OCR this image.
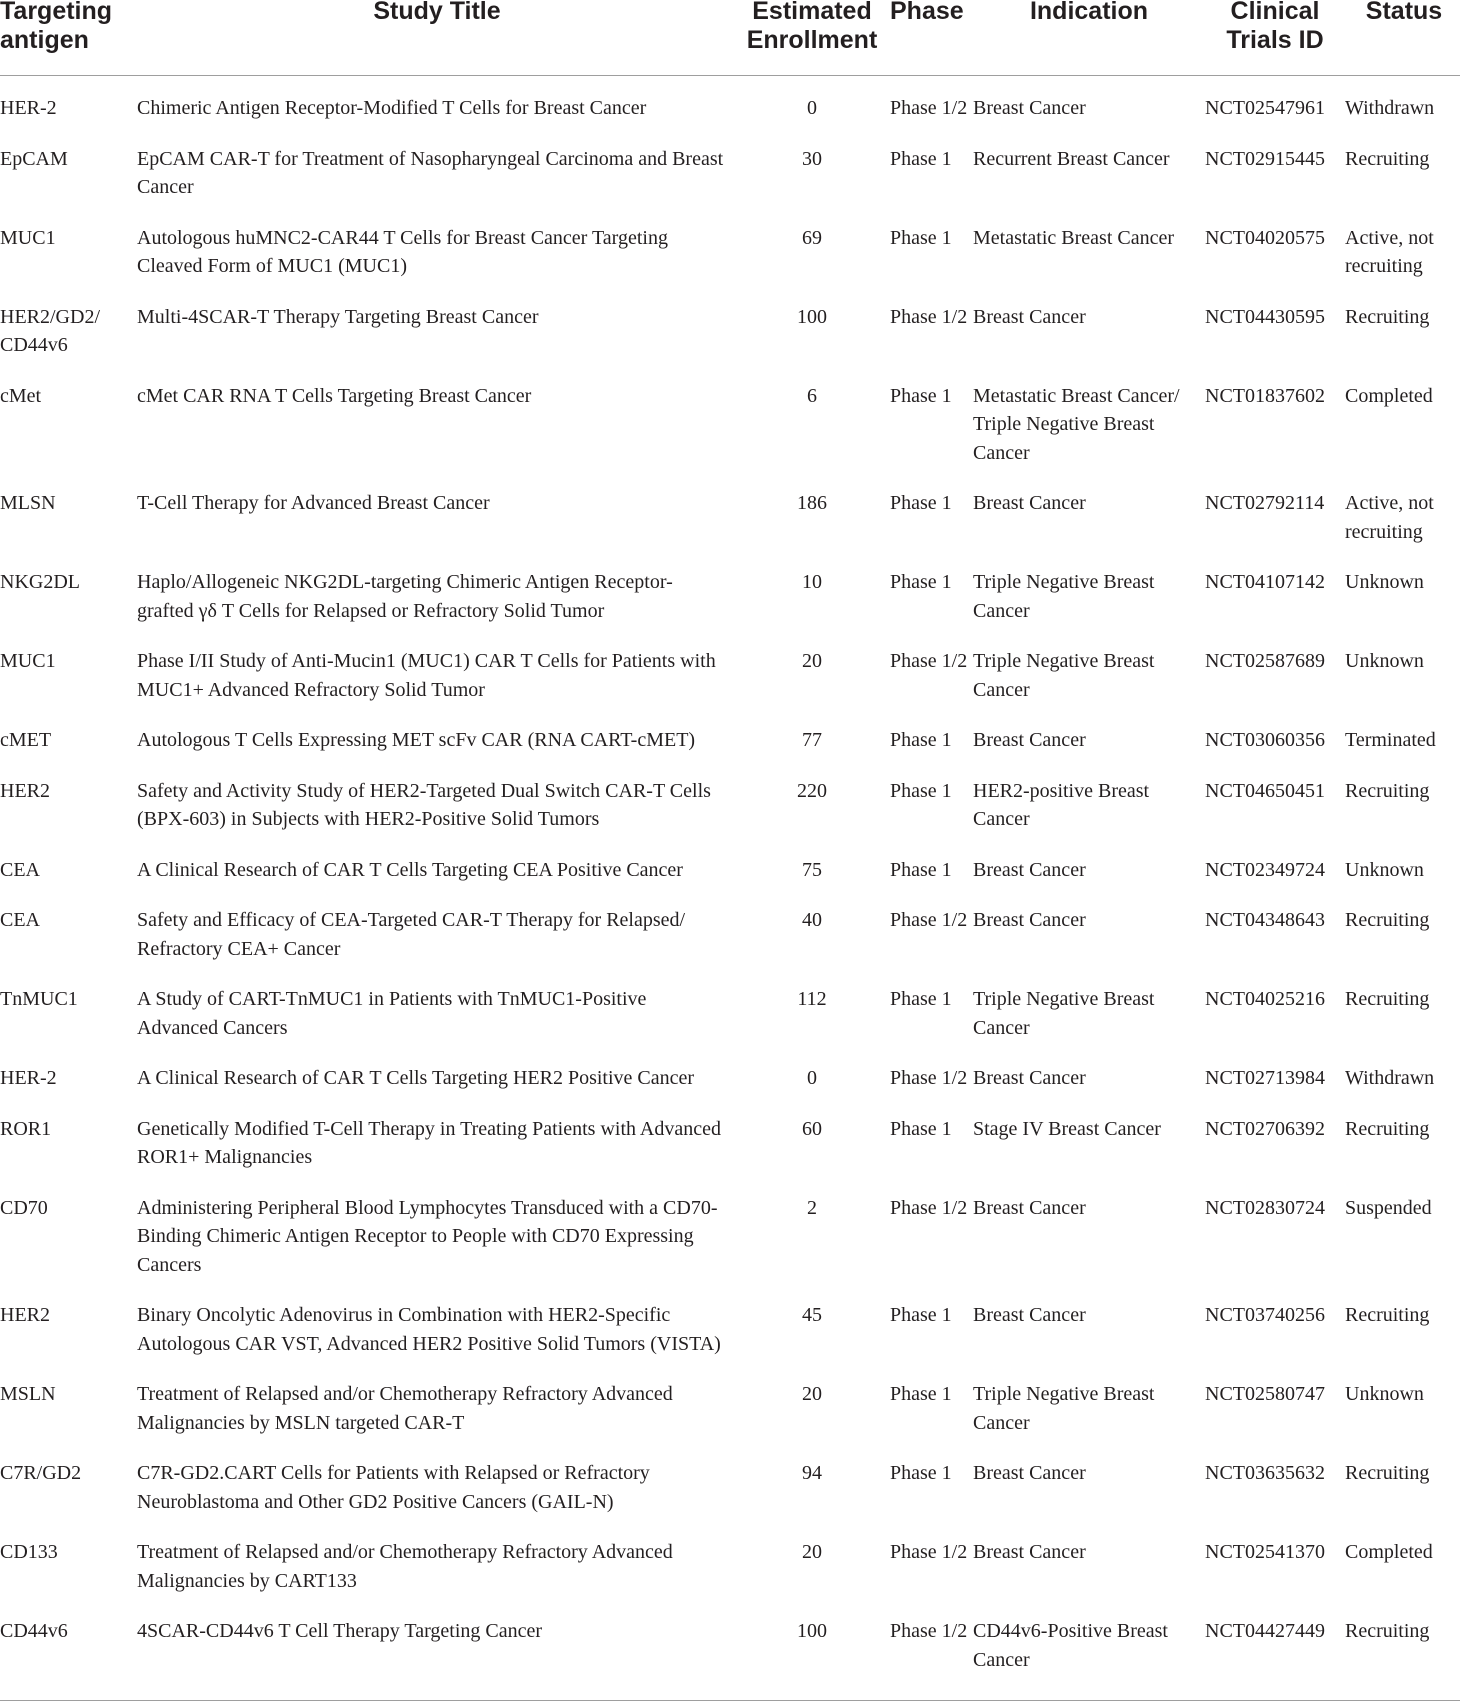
Targeting antigen	Study Title	Estimated Enrollment	Phase	Indication	Clinical Trials ID	Status

HER-2	Chimeric Antigen Receptor-Modified T Cells for Breast Cancer	0	Phase 1/2	Breast Cancer	NCT02547961	Withdrawn
EpCAM	EpCAM CAR-T for Treatment of Nasopharyngeal Carcinoma and Breast Cancer	30	Phase 1	Recurrent Breast Cancer	NCT02915445	Recruiting
MUC1	Autologous huMNC2-CAR44 T Cells for Breast Cancer Targeting Cleaved Form of MUC1 (MUC1)	69	Phase 1	Metastatic Breast Cancer	NCT04020575	Active, not recruiting
HER2/GD2/ CD44v6	Multi-4SCAR-T Therapy Targeting Breast Cancer	100	Phase 1/2	Breast Cancer	NCT04430595	Recruiting
cMet	cMet CAR RNA T Cells Targeting Breast Cancer	6	Phase 1	Metastatic Breast Cancer/ Triple Negative Breast Cancer	NCT01837602	Completed
MLSN	T-Cell Therapy for Advanced Breast Cancer	186	Phase 1	Breast Cancer	NCT02792114	Active, not recruiting
NKG2DL	Haplo/Allogeneic NKG2DL-targeting Chimeric Antigen Receptor-grafted γδ T Cells for Relapsed or Refractory Solid Tumor	10	Phase 1	Triple Negative Breast Cancer	NCT04107142	Unknown
MUC1	Phase I/II Study of Anti-Mucin1 (MUC1) CAR T Cells for Patients with MUC1+ Advanced Refractory Solid Tumor	20	Phase 1/2	Triple Negative Breast Cancer	NCT02587689	Unknown
cMET	Autologous T Cells Expressing MET scFv CAR (RNA CART-cMET)	77	Phase 1	Breast Cancer	NCT03060356	Terminated
HER2	Safety and Activity Study of HER2-Targeted Dual Switch CAR-T Cells (BPX-603) in Subjects with HER2-Positive Solid Tumors	220	Phase 1	HER2-positive Breast Cancer	NCT04650451	Recruiting
CEA	A Clinical Research of CAR T Cells Targeting CEA Positive Cancer	75	Phase 1	Breast Cancer	NCT02349724	Unknown
CEA	Safety and Efficacy of CEA-Targeted CAR-T Therapy for Relapsed/ Refractory CEA+ Cancer	40	Phase 1/2	Breast Cancer	NCT04348643	Recruiting
TnMUC1	A Study of CART-TnMUC1 in Patients with TnMUC1-Positive Advanced Cancers	112	Phase 1	Triple Negative Breast Cancer	NCT04025216	Recruiting
HER-2	A Clinical Research of CAR T Cells Targeting HER2 Positive Cancer	0	Phase 1/2	Breast Cancer	NCT02713984	Withdrawn
ROR1	Genetically Modified T-Cell Therapy in Treating Patients with Advanced ROR1+ Malignancies	60	Phase 1	Stage IV Breast Cancer	NCT02706392	Recruiting
CD70	Administering Peripheral Blood Lymphocytes Transduced with a CD70-Binding Chimeric Antigen Receptor to People with CD70 Expressing Cancers	2	Phase 1/2	Breast Cancer	NCT02830724	Suspended
HER2	Binary Oncolytic Adenovirus in Combination with HER2-Specific Autologous CAR VST, Advanced HER2 Positive Solid Tumors (VISTA)	45	Phase 1	Breast Cancer	NCT03740256	Recruiting
MSLN	Treatment of Relapsed and/or Chemotherapy Refractory Advanced Malignancies by MSLN targeted CAR-T	20	Phase 1	Triple Negative Breast Cancer	NCT02580747	Unknown
C7R/GD2	C7R-GD2.CART Cells for Patients with Relapsed or Refractory Neuroblastoma and Other GD2 Positive Cancers (GAIL-N)	94	Phase 1	Breast Cancer	NCT03635632	Recruiting
CD133	Treatment of Relapsed and/or Chemotherapy Refractory Advanced Malignancies by CART133	20	Phase 1/2	Breast Cancer	NCT02541370	Completed
CD44v6	4SCAR-CD44v6 T Cell Therapy Targeting Cancer	100	Phase 1/2	CD44v6-Positive Breast Cancer	NCT04427449	Recruiting
